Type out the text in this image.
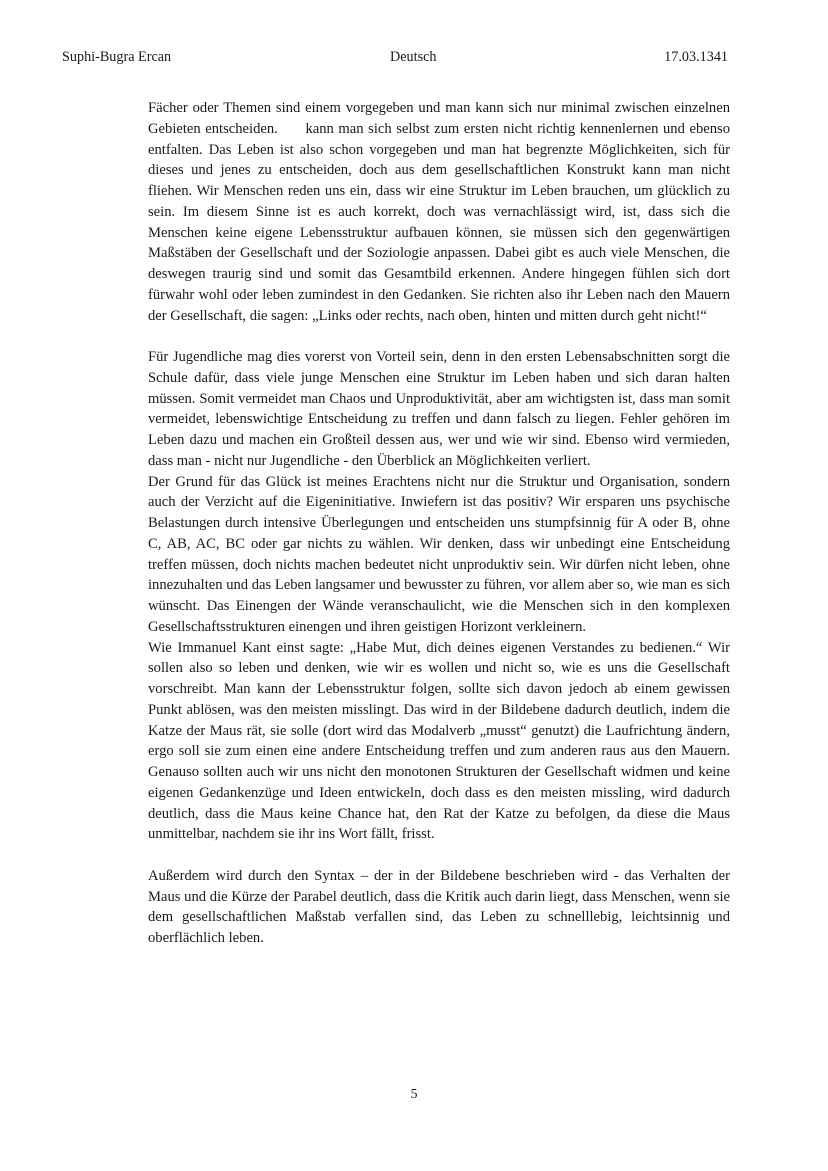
Suphi-Bugra Ercan	Deutsch	17.03.1341

Fächer oder Themen sind einem vorgegeben und man kann sich nur minimal zwischen einzelnen Gebieten entscheiden.      kann man sich selbst zum ersten nicht richtig kennenlernen und ebenso entfalten. Das Leben ist also schon vorgegeben und man hat begrenzte Möglichkeiten, sich für dieses und jenes zu entscheiden, doch aus dem gesellschaftlichen Konstrukt kann man nicht fliehen. Wir Menschen reden uns ein, dass wir eine Struktur im Leben brauchen, um glücklich zu sein. Im diesem Sinne ist es auch korrekt, doch was vernachlässigt wird, ist, dass sich die Menschen keine eigene Lebensstruktur aufbauen können, sie müssen sich den gegenwärtigen Maßstäben der Gesellschaft und der Soziologie anpassen. Dabei gibt es auch viele Menschen, die deswegen traurig sind und somit das Gesamtbild erkennen. Andere hingegen fühlen sich dort fürwahr wohl oder leben zumindest in den Gedanken. Sie richten also ihr Leben nach den Mauern der Gesellschaft, die sagen: „Links oder rechts, nach oben, hinten und mitten durch geht nicht!“

Für Jugendliche mag dies vorerst von Vorteil sein, denn in den ersten Lebensabschnitten sorgt die Schule dafür, dass viele junge Menschen eine Struktur im Leben haben und sich daran halten müssen. Somit vermeidet man Chaos und Unproduktivität, aber am wichtigsten ist, dass man somit vermeidet, lebenswichtige Entscheidung zu treffen und dann falsch zu liegen. Fehler gehören im Leben dazu und machen ein Großteil dessen aus, wer und wie wir sind. Ebenso wird vermieden, dass man - nicht nur Jugendliche - den Überblick an Möglichkeiten verliert.

Der Grund für das Glück ist meines Erachtens nicht nur die Struktur und Organisation, sondern auch der Verzicht auf die Eigeninitiative. Inwiefern ist das positiv? Wir ersparen uns psychische Belastungen durch intensive Überlegungen und entscheiden uns stumpfsinnig für A oder B, ohne C, AB, AC, BC oder gar nichts zu wählen. Wir denken, dass wir unbedingt eine Entscheidung treffen müssen, doch nichts machen bedeutet nicht unproduktiv sein. Wir dürfen nicht leben, ohne innezuhalten und das Leben langsamer und bewusster zu führen, vor allem aber so, wie man es sich wünscht. Das Einengen der Wände veranschaulicht, wie die Menschen sich in den komplexen Gesellschaftsstrukturen einengen und ihren geistigen Horizont verkleinern.

Wie Immanuel Kant einst sagte: „Habe Mut, dich deines eigenen Verstandes zu bedienen.“ Wir sollen also so leben und denken, wie wir es wollen und nicht so, wie es uns die Gesellschaft vorschreibt. Man kann der Lebensstruktur folgen, sollte sich davon jedoch ab einem gewissen Punkt ablösen, was den meisten misslingt. Das wird in der Bildebene dadurch deutlich, indem die Katze der Maus rät, sie solle (dort wird das Modalverb „musst“ genutzt) die Laufrichtung ändern, ergo soll sie zum einen eine andere Entscheidung treffen und zum anderen raus aus den Mauern. Genauso sollten auch wir uns nicht den monotonen Strukturen der Gesellschaft widmen und keine eigenen Gedankenzüge und Ideen entwickeln, doch dass es den meisten missling, wird dadurch deutlich, dass die Maus keine Chance hat, den Rat der Katze zu befolgen, da diese die Maus unmittelbar, nachdem sie ihr ins Wort fällt, frisst.

Außerdem wird durch den Syntax – der in der Bildebene beschrieben wird - das Verhalten der Maus und die Kürze der Parabel deutlich, dass die Kritik auch darin liegt, dass Menschen, wenn sie dem gesellschaftlichen Maßstab verfallen sind, das Leben zu schnelllebig, leichtsinnig und oberflächlich leben.

5
